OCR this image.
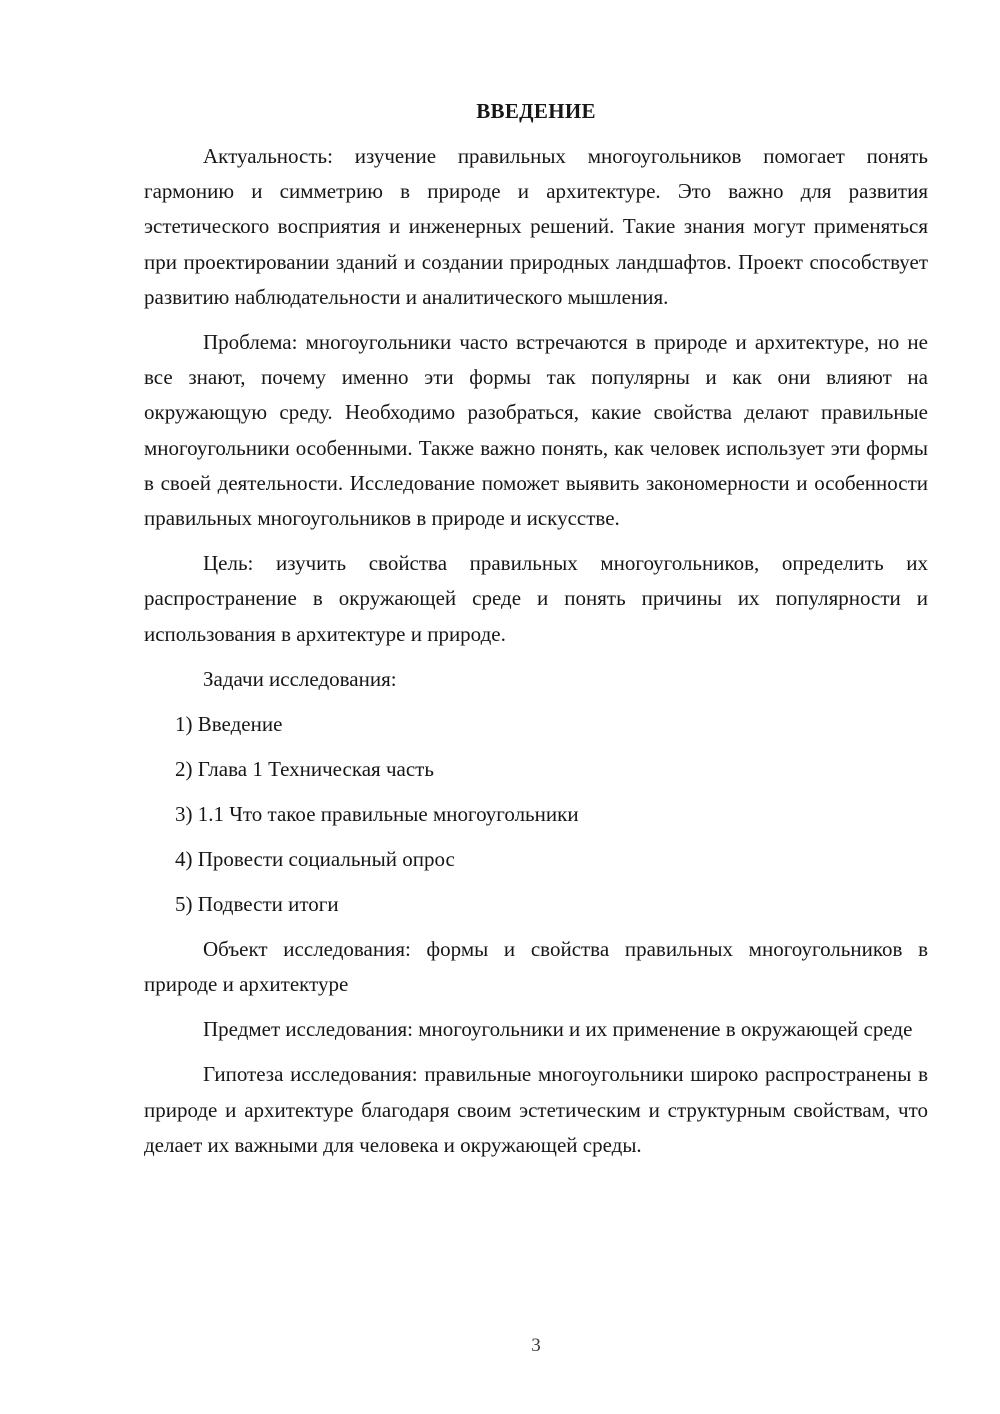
ВВЕДЕНИЕ

Актуальность: изучение правильных многоугольников помогает понять гармонию и симметрию в природе и архитектуре. Это важно для развития эстетического восприятия и инженерных решений. Такие знания могут применяться при проектировании зданий и создании природных ландшафтов. Проект способствует развитию наблюдательности и аналитического мышления.

Проблема: многоугольники часто встречаются в природе и архитектуре, но не все знают, почему именно эти формы так популярны и как они влияют на окружающую среду. Необходимо разобраться, какие свойства делают правильные многоугольники особенными. Также важно понять, как человек использует эти формы в своей деятельности. Исследование поможет выявить закономерности и особенности правильных многоугольников в природе и искусстве.

Цель: изучить свойства правильных многоугольников, определить их распространение в окружающей среде и понять причины их популярности и использования в архитектуре и природе.

Задачи исследования:
1) Введение
2) Глава 1 Техническая часть
3) 1.1 Что такое правильные многоугольники
4) Провести социальный опрос
5) Подвести итоги

Объект исследования: формы и свойства правильных многоугольников в природе и архитектуре

Предмет исследования: многоугольники и их применение в окружающей среде

Гипотеза исследования: правильные многоугольники широко распространены в природе и архитектуре благодаря своим эстетическим и структурным свойствам, что делает их важными для человека и окружающей среды.

3
